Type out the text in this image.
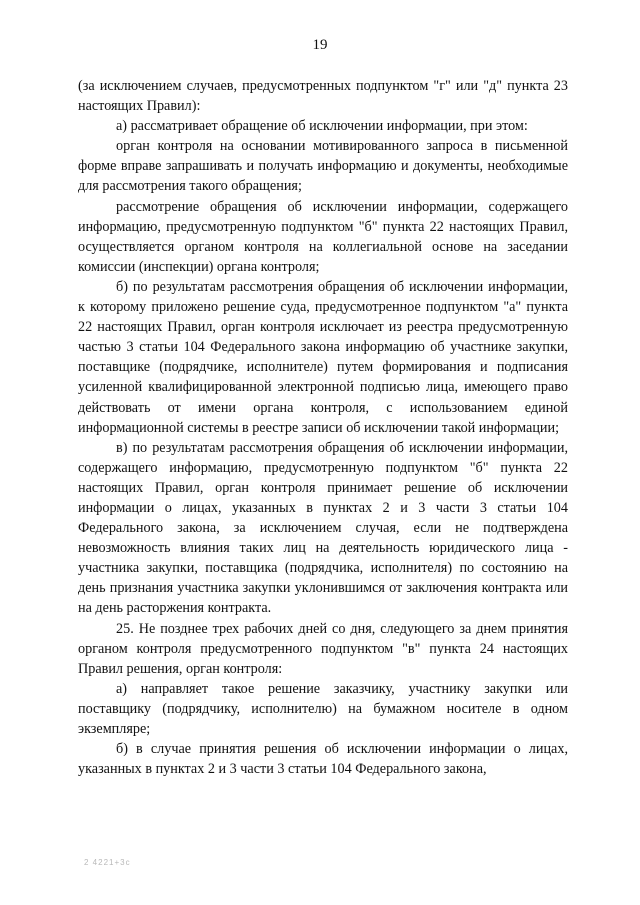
19

(за исключением случаев, предусмотренных подпунктом "г" или "д" пункта 23 настоящих Правил):

а) рассматривает обращение об исключении информации, при этом:

орган контроля на основании мотивированного запроса в письменной форме вправе запрашивать и получать информацию и документы, необходимые для рассмотрения такого обращения;

рассмотрение обращения об исключении информации, содержащего информацию, предусмотренную подпунктом "б" пункта 22 настоящих Правил, осуществляется органом контроля на коллегиальной основе на заседании комиссии (инспекции) органа контроля;

б) по результатам рассмотрения обращения об исключении информации, к которому приложено решение суда, предусмотренное подпунктом "а" пункта 22 настоящих Правил, орган контроля исключает из реестра предусмотренную частью 3 статьи 104 Федерального закона информацию об участнике закупки, поставщике (подрядчике, исполнителе) путем формирования и подписания усиленной квалифицированной электронной подписью лица, имеющего право действовать от имени органа контроля, с использованием единой информационной системы в реестре записи об исключении такой информации;

в) по результатам рассмотрения обращения об исключении информации, содержащего информацию, предусмотренную подпунктом "б" пункта 22 настоящих Правил, орган контроля принимает решение об исключении информации о лицах, указанных в пунктах 2 и 3 части 3 статьи 104 Федерального закона, за исключением случая, если не подтверждена невозможность влияния таких лиц на деятельность юридического лица - участника закупки, поставщика (подрядчика, исполнителя) по состоянию на день признания участника закупки уклонившимся от заключения контракта или на день расторжения контракта.

25. Не позднее трех рабочих дней со дня, следующего за днем принятия органом контроля предусмотренного подпунктом "в" пункта 24 настоящих Правил решения, орган контроля:

а) направляет такое решение заказчику, участнику закупки или поставщику (подрядчику, исполнителю) на бумажном носителе в одном экземпляре;

б) в случае принятия решения об исключении информации о лицах, указанных в пунктах 2 и 3 части 3 статьи 104 Федерального закона,

2 4221+3c
